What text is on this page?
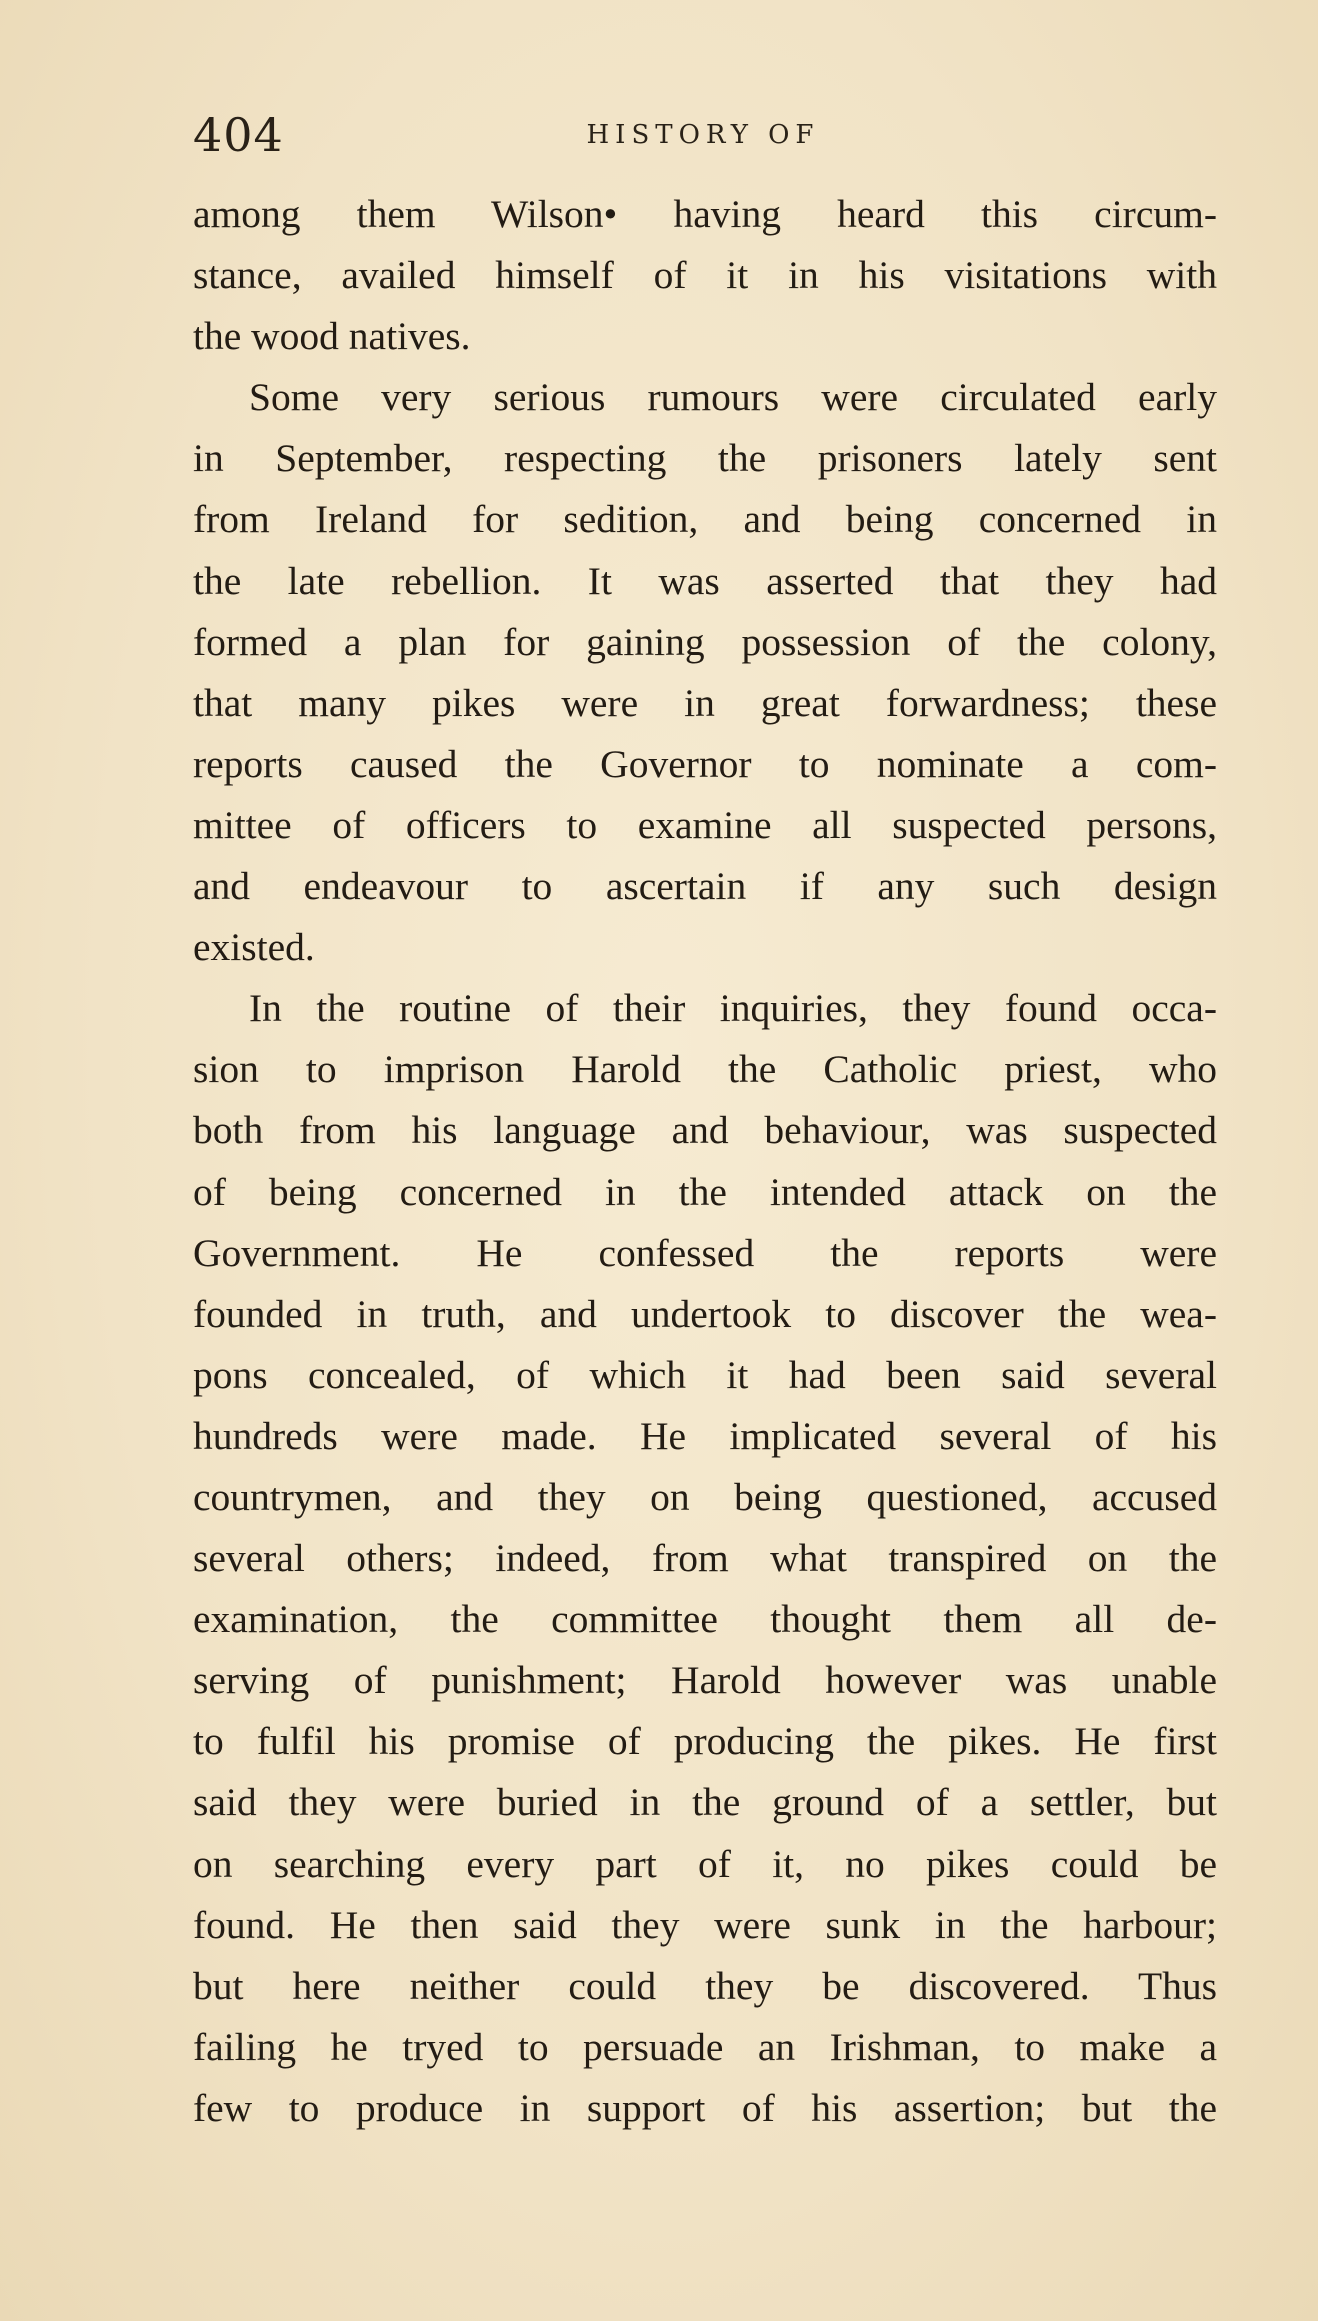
404	HISTORY OF
among them Wilson• having heard this circum-
stance, availed himself of it in his visitations with
the wood natives.
Some very serious rumours were circulated early
in September, respecting the prisoners lately sent
from Ireland for sedition, and being concerned in
the late rebellion. It was asserted that they had
formed a plan for gaining possession of the colony,
that many pikes were in great forwardness; these
reports caused the Governor to nominate a com-
mittee of officers to examine all suspected persons,
and endeavour to ascertain if any such design
existed.
In the routine of their inquiries, they found occa-
sion to imprison Harold the Catholic priest, who
both from his language and behaviour, was suspected
of being concerned in the intended attack on the
Government. He confessed the reports were
founded in truth, and undertook to discover the wea-
pons concealed, of which it had been said several
hundreds were made. He implicated several of his
countrymen, and they on being questioned, accused
several others; indeed, from what transpired on the
examination, the committee thought them all de-
serving of punishment; Harold however was unable
to fulfil his promise of producing the pikes. He first
said they were buried in the ground of a settler, but
on searching every part of it, no pikes could be
found. He then said they were sunk in the harbour;
but here neither could they be discovered. Thus
failing he tryed to persuade an Irishman, to make a
few to produce in support of his assertion; but the
